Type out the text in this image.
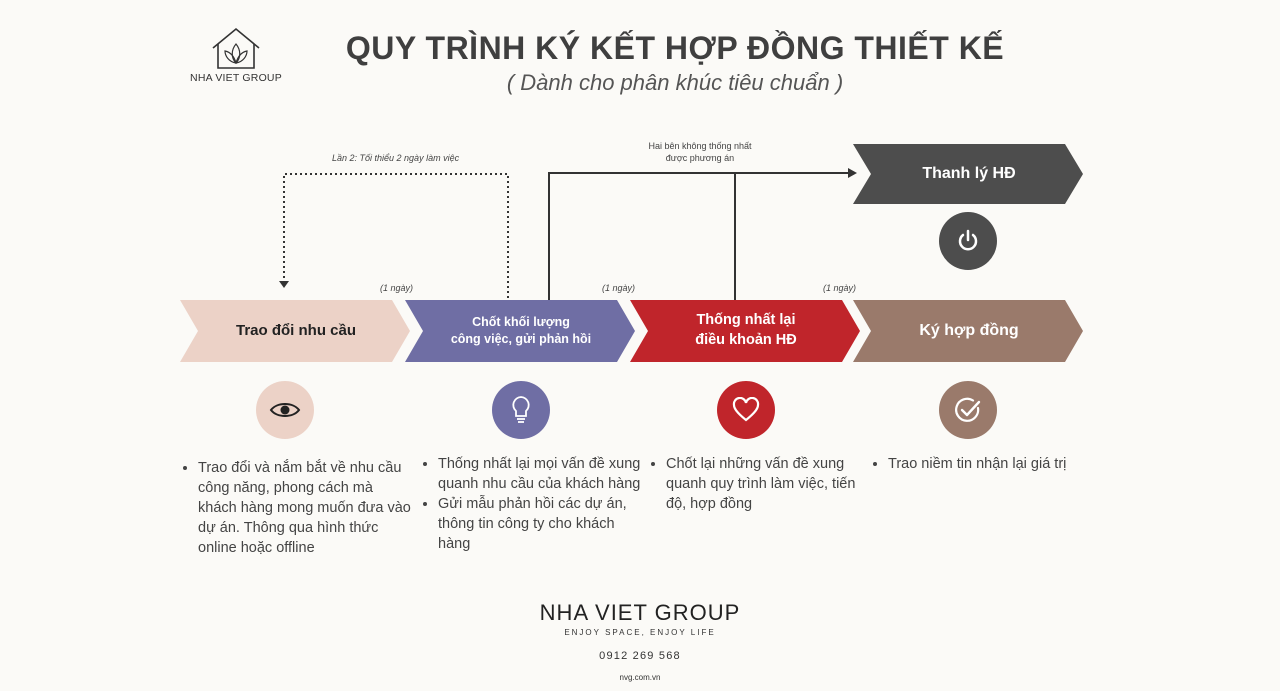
NHA VIET GROUP
QUY TRÌNH KÝ KẾT HỢP ĐỒNG THIẾT KẾ
( Dành cho phân khúc tiêu chuẩn )
Lần 2: Tối thiểu 2 ngày làm việc
Hai bên không thống nhất
được phương án
Thanh lý HĐ
(1 ngày)	(1 ngày)	(1 ngày)
Trao đổi nhu cầu	Chốt khối lượng
công việc, gửi phản hồi
Thống nhất lại
điều khoản HĐ
Ký hợp đồng
• Trao đổi và nắm bắt về nhu cầu công năng, phong cách mà khách hàng mong muốn đưa vào dự án. Thông qua hình thức online hoặc offline
• Thống nhất lại mọi vấn đề xung quanh nhu cầu của khách hàng
• Gửi mẫu phản hồi các dự án, thông tin công ty cho khách hàng
• Chốt lại những vấn đề xung quanh quy trình làm việc, tiến độ, hợp đồng
• Trao niềm tin nhận lại giá trị
NHA VIET GROUP
ENJOY SPACE, ENJOY LIFE
0912 269 568
nvg.com.vn
